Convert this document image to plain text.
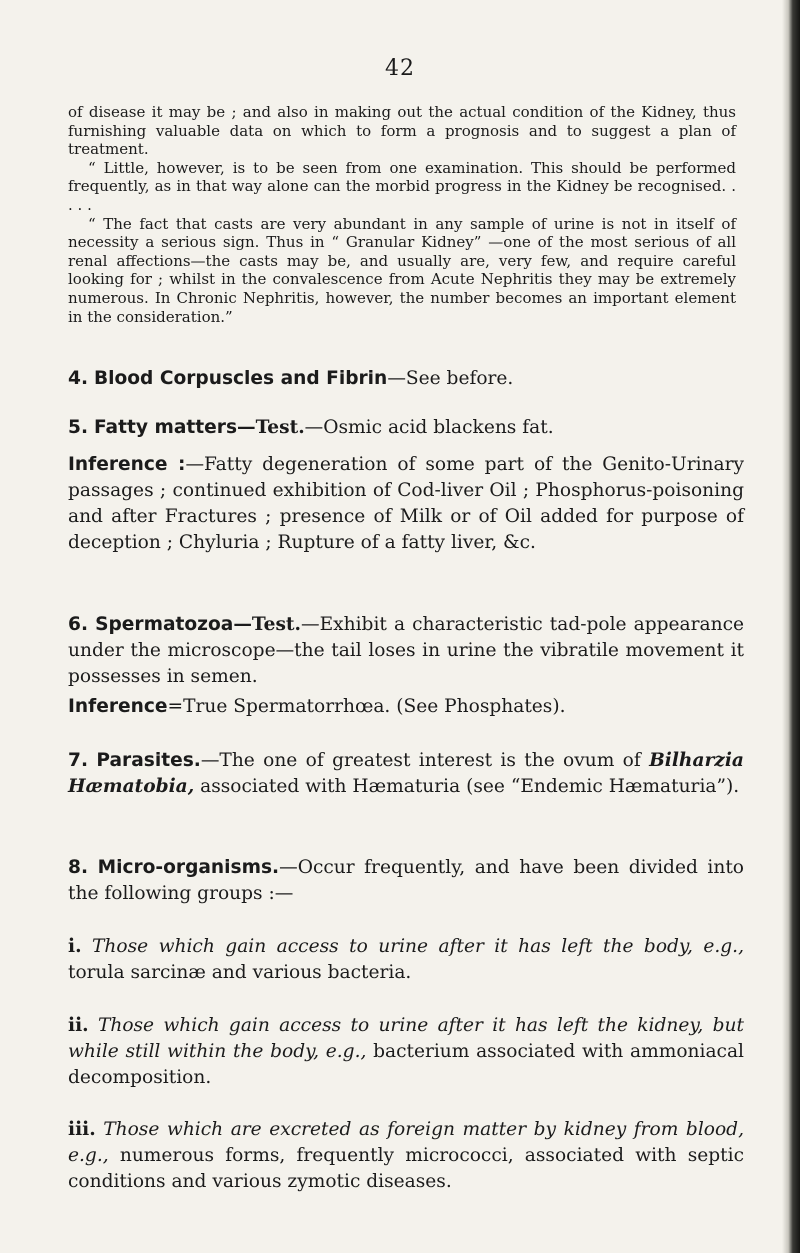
42

of disease it may be ; and also in making out the actual condition of the Kidney, thus furnishing valuable data on which to form a prognosis and to suggest a plan of treatment.

“ Little, however, is to be seen from one examination. This should be performed frequently, as in that way alone can the morbid progress in the Kidney be recognised. . . . .

“ The fact that casts are very abundant in any sample of urine is not in itself of necessity a serious sign. Thus in “ Granular Kidney” —one of the most serious of all renal affections—the casts may be, and usually are, very few, and require careful looking for ; whilst in the convalescence from Acute Nephritis they may be extremely numerous. In Chronic Nephritis, however, the number becomes an important element in the consideration.”

4. Blood Corpuscles and Fibrin—See before.

5. Fatty matters—Test.—Osmic acid blackens fat.

Inference :—Fatty degeneration of some part of the Genito-Urinary passages ; continued exhibition of Cod-liver Oil ; Phosphorus-poisoning and after Fractures ; presence of Milk or of Oil added for purpose of deception ; Chyluria ; Rupture of a fatty liver, &c.

6. Spermatozoa—Test.—Exhibit a characteristic tad-pole appearance under the microscope—the tail loses in urine the vibratile movement it possesses in semen.

Inference=True Spermatorrhœa. (See Phosphates).

7. Parasites.—The one of greatest interest is the ovum of Bilharzia Hæmatobia, associated with Hæmaturia (see “Endemic Hæmaturia”).

8. Micro-organisms.—Occur frequently, and have been divided into the following groups :—

i. Those which gain access to urine after it has left the body, e.g., torula sarcinæ and various bacteria.

ii. Those which gain access to urine after it has left the kidney, but while still within the body, e.g., bacterium associated with ammoniacal decomposition.

iii. Those which are excreted as foreign matter by kidney from blood, e.g., numerous forms, frequently micrococci, associated with septic conditions and various zymotic diseases.
